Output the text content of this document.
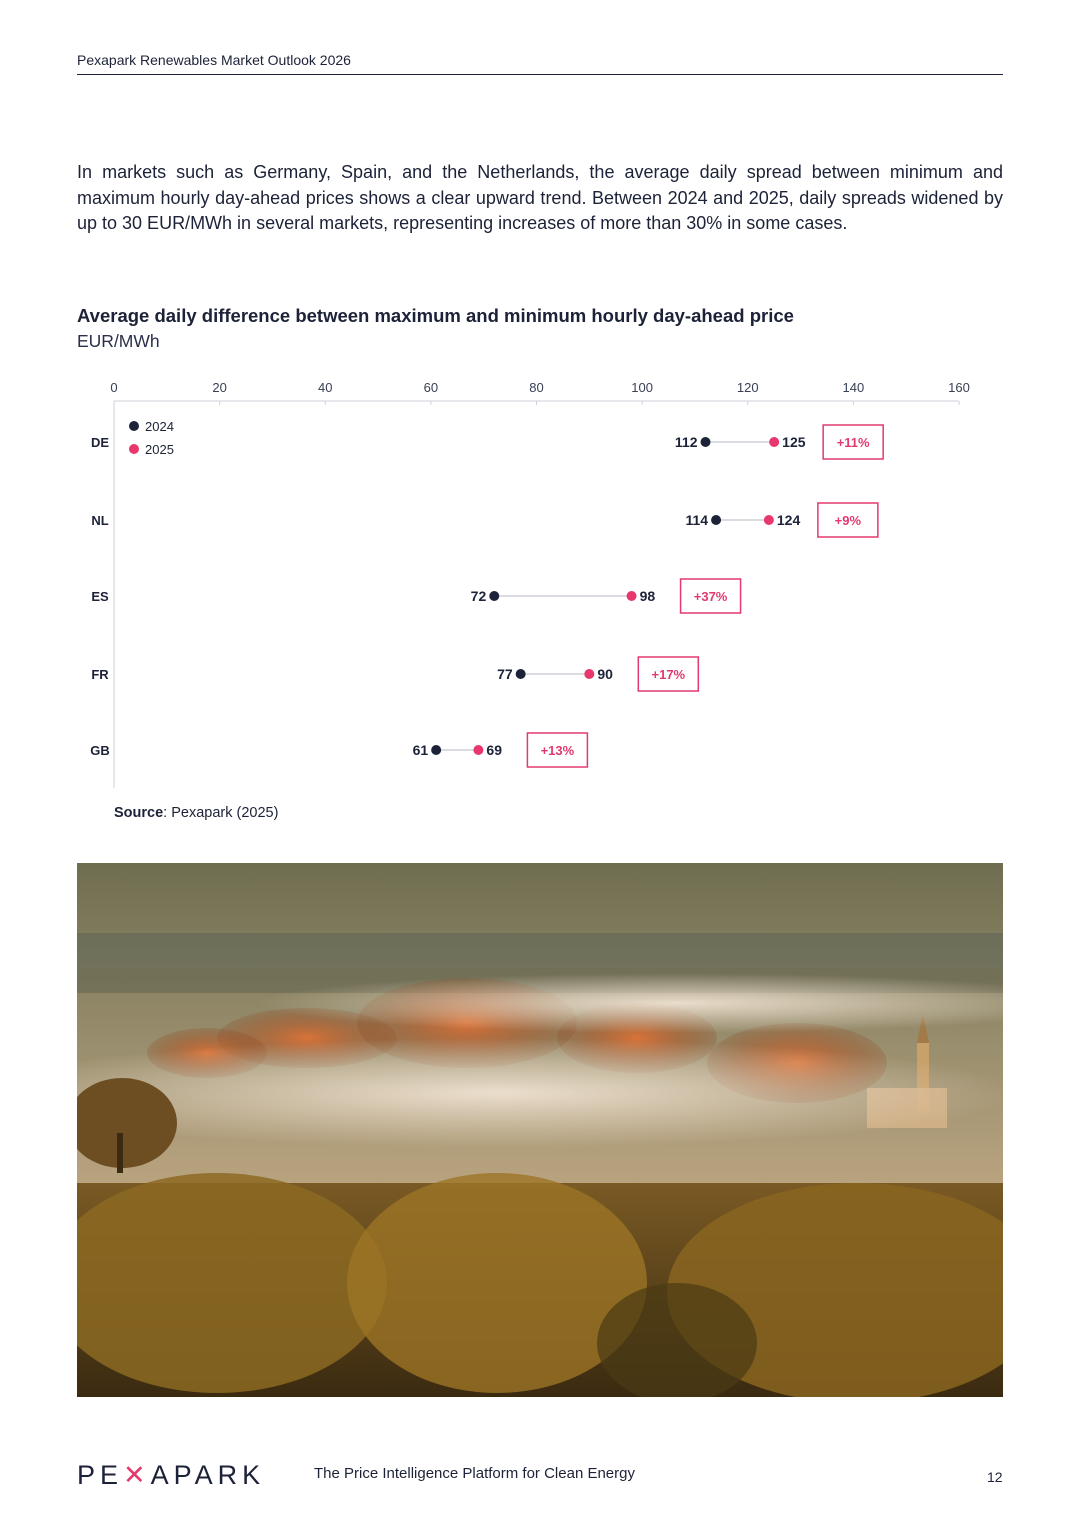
Pexapark Renewables Market Outlook 2026

In markets such as Germany, Spain, and the Netherlands, the average daily spread between minimum and maximum hourly day-ahead prices shows a clear upward trend. Between 2024 and 2025, daily spreads widened by up to 30 EUR/MWh in several markets, representing increases of more than 30% in some cases.

Average daily difference between maximum and minimum hourly day-ahead price
EUR/MWh
0	20	40	60	80	100	120	140	160
2024
2025
DE	112	125 +11%
NL	114	124	+9%
ES	72	98	+37%
FR	77	90	+17%
GB	61	69	+13%
Source: Pexapark (2025)
PE✕APARK	The Price Intelligence Platform for Clean Energy	12
